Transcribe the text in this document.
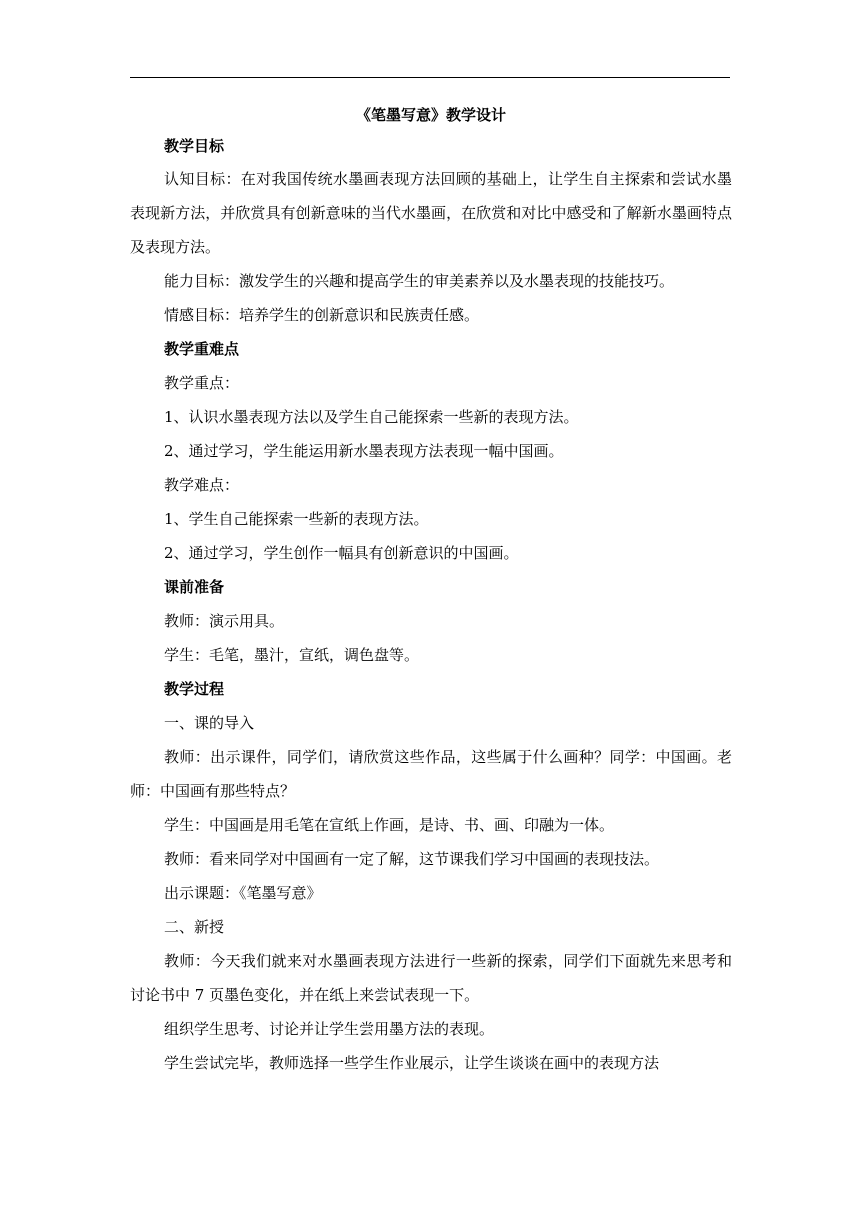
《笔墨写意》教学设计

教学目标

认知目标：在对我国传统水墨画表现方法回顾的基础上，让学生自主探索和尝试水墨表现新方法，并欣赏具有创新意味的当代水墨画，在欣赏和对比中感受和了解新水墨画特点及表现方法。

能力目标：激发学生的兴趣和提高学生的审美素养以及水墨表现的技能技巧。

情感目标：培养学生的创新意识和民族责任感。

教学重难点

教学重点：

1、认识水墨表现方法以及学生自己能探索一些新的表现方法。

2、通过学习，学生能运用新水墨表现方法表现一幅中国画。

教学难点：

1、学生自己能探索一些新的表现方法。

2、通过学习，学生创作一幅具有创新意识的中国画。

课前准备

教师：演示用具。

学生：毛笔，墨汁，宣纸，调色盘等。

教学过程

一、课的导入

教师：出示课件，同学们，请欣赏这些作品，这些属于什么画种？同学：中国画。老师：中国画有那些特点？

学生：中国画是用毛笔在宣纸上作画，是诗、书、画、印融为一体。

教师：看来同学对中国画有一定了解，这节课我们学习中国画的表现技法。

出示课题：《笔墨写意》

二、新授

教师：今天我们就来对水墨画表现方法进行一些新的探索，同学们下面就先来思考和讨论书中 7 页墨色变化，并在纸上来尝试表现一下。

组织学生思考、讨论并让学生尝用墨方法的表现。

学生尝试完毕，教师选择一些学生作业展示，让学生谈谈在画中的表现方法
